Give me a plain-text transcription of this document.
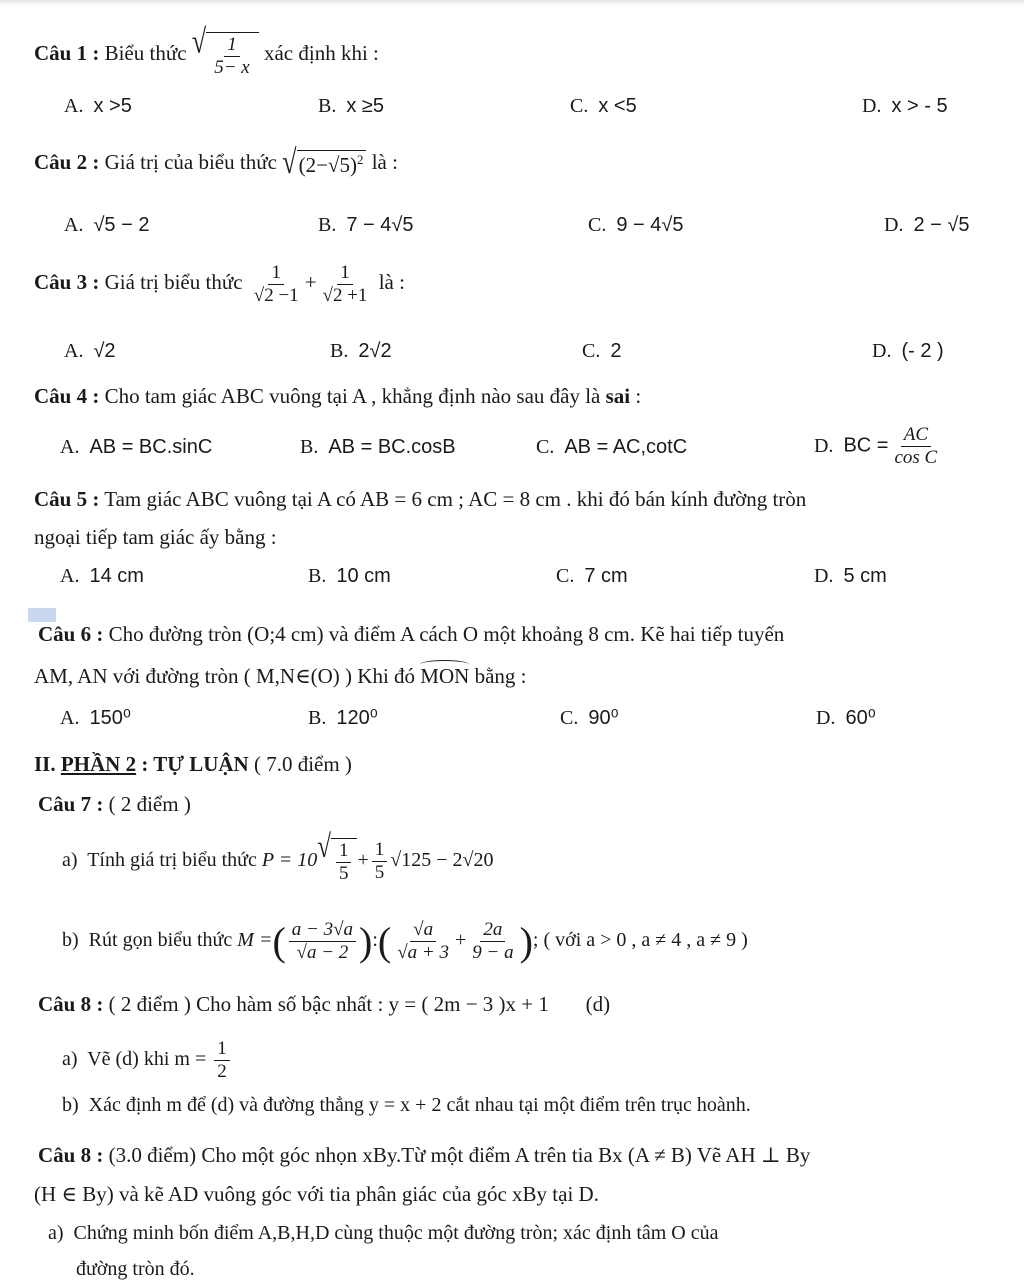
Câu 1 : Biểu thức √ $\frac{1}{5- x}$ xác định khi :
A. x >5	B. x ≥5	C. x <5	D. x > - 5
Câu 2 : Giá trị của biểu thức √ $(2-√5)^2$ là :
A. √5 − 2	B. 7 − 4√5	C. 9 − 4√5	D. 2 − √5
Câu 3 : Giá trị biểu thức $\frac{1}{√2 -1} + \frac{1}{√2 +1}$ là :
A. √2	B. 2√2	C. 2	D. (- 2 )
Câu 4 : Cho tam giác ABC vuông tại A , khẳng định nào sau đây là sai :
A. AB = BC.sinC	B. AB = BC.cosB	C. AB = AC,cotC	D. BC = $\frac{AC}{\text{cos C}}$
Câu 5 : Tam giác ABC vuông tại A có AB = 6 cm ; AC = 8 cm . khi đó bán kính đường tròn
ngoại tiếp tam giác ấy bằng :
A. 14 cm	B. 10 cm	C. 7 cm	D. 5 cm
Câu 6 : Cho đường tròn (O;4 cm) và điểm A cách O một khoảng 8 cm. Kẽ hai tiếp tuyến
AM, AN với đường tròn ( M,N∈(O) ) Khi đó MON bằng :
A. 150⁰	B. 120⁰	C. 90⁰	D. 60⁰
II. PHẦN 2 : TỰ LUẬN ( 7.0 điểm )
Câu 7 : ( 2 điểm )
a) Tính giá trị biểu thức P = 10 √ $\frac{1}{5} + \frac{1}{5} √125 - 2√20$
b) Rút gọn biểu thức M =( $\frac{a - 3√a}{√a - 2}$ ):( $\frac{√a}{√a + 3} + \frac{2a}{9 - a}$ ); ( với a > 0 , a ≠ 4 , a ≠ 9 )
Câu 8 : ( 2 điểm ) Cho hàm số bậc nhất : y = ( 2m − 3 )x + 1 (d)
a) Vẽ (d) khi $m = \frac{1}{2}$
b) Xác định m để (d) và đường thẳng y = x + 2 cắt nhau tại một điểm trên trục hoành.
Câu 8 : (3.0 điểm) Cho một góc nhọn xBy.Từ một điểm A trên tia Bx (A ≠ B) Vẽ AH ⊥ By
(H ∈ By) và kẽ AD vuông góc với tia phân giác của góc xBy tại D.
a) Chứng minh bốn điểm A,B,H,D cùng thuộc một đường tròn; xác định tâm O của
đường tròn đó.
